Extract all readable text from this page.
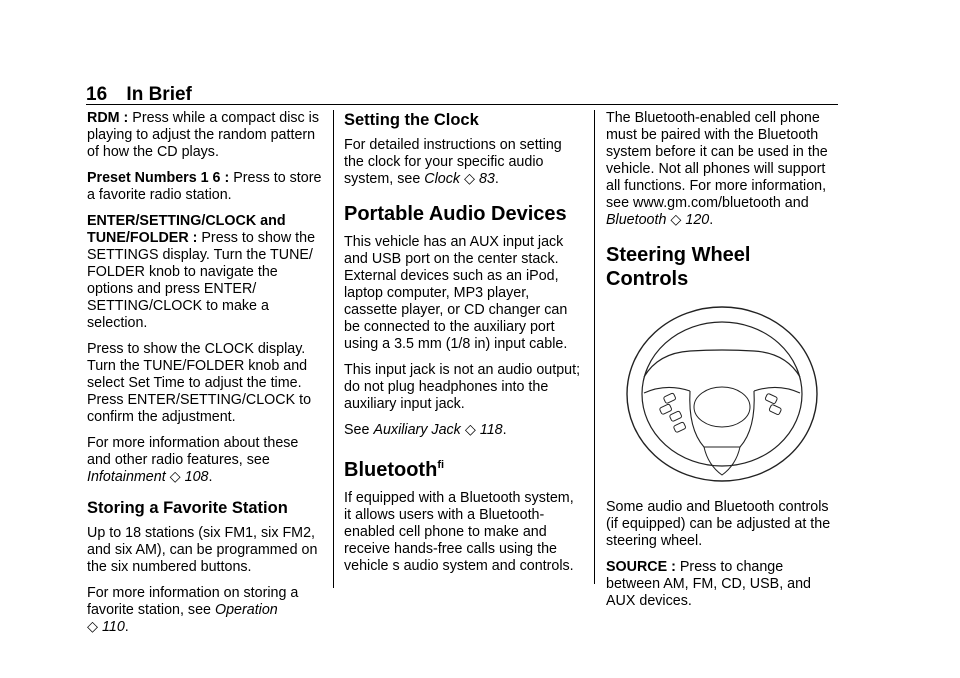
16 In Brief

RDM : Press while a compact disc is playing to adjust the random pattern of how the CD plays.

Preset Numbers 1 6 : Press to store a favorite radio station.

ENTER/SETTING/CLOCK and TUNE/FOLDER : Press to show the SETTINGS display. Turn the TUNE/ FOLDER knob to navigate the options and press ENTER/ SETTING/CLOCK to make a selection.

Press to show the CLOCK display. Turn the TUNE/FOLDER knob and select Set Time to adjust the time. Press ENTER/SETTING/CLOCK to confirm the adjustment.

For more information about these and other radio features, see Infotainment ◇ 108.

Storing a Favorite Station

Up to 18 stations (six FM1, six FM2, and six AM), can be programmed on the six numbered buttons.

For more information on storing a favorite station, see Operation
◇ 110.

Setting the Clock

For detailed instructions on setting the clock for your specific audio system, see Clock ◇ 83.

Portable Audio Devices

This vehicle has an AUX input jack and USB port on the center stack. External devices such as an iPod, laptop computer, MP3 player, cassette player, or CD changer can be connected to the auxiliary port using a 3.5 mm (1/8 in) input cable.

This input jack is not an audio output; do not plug headphones into the auxiliary input jack.

See Auxiliary Jack ◇ 118.

Bluetooth$^{fi}$

If equipped with a Bluetooth system, it allows users with a Bluetooth-enabled cell phone to make and receive hands-free calls using the vehicle s audio system and controls.

The Bluetooth-enabled cell phone must be paired with the Bluetooth system before it can be used in the vehicle. Not all phones will support all functions. For more information, see www.gm.com/bluetooth and Bluetooth ◇ 120.

Steering Wheel Controls

Some audio and Bluetooth controls (if equipped) can be adjusted at the steering wheel.

SOURCE : Press to change between AM, FM, CD, USB, and AUX devices.
